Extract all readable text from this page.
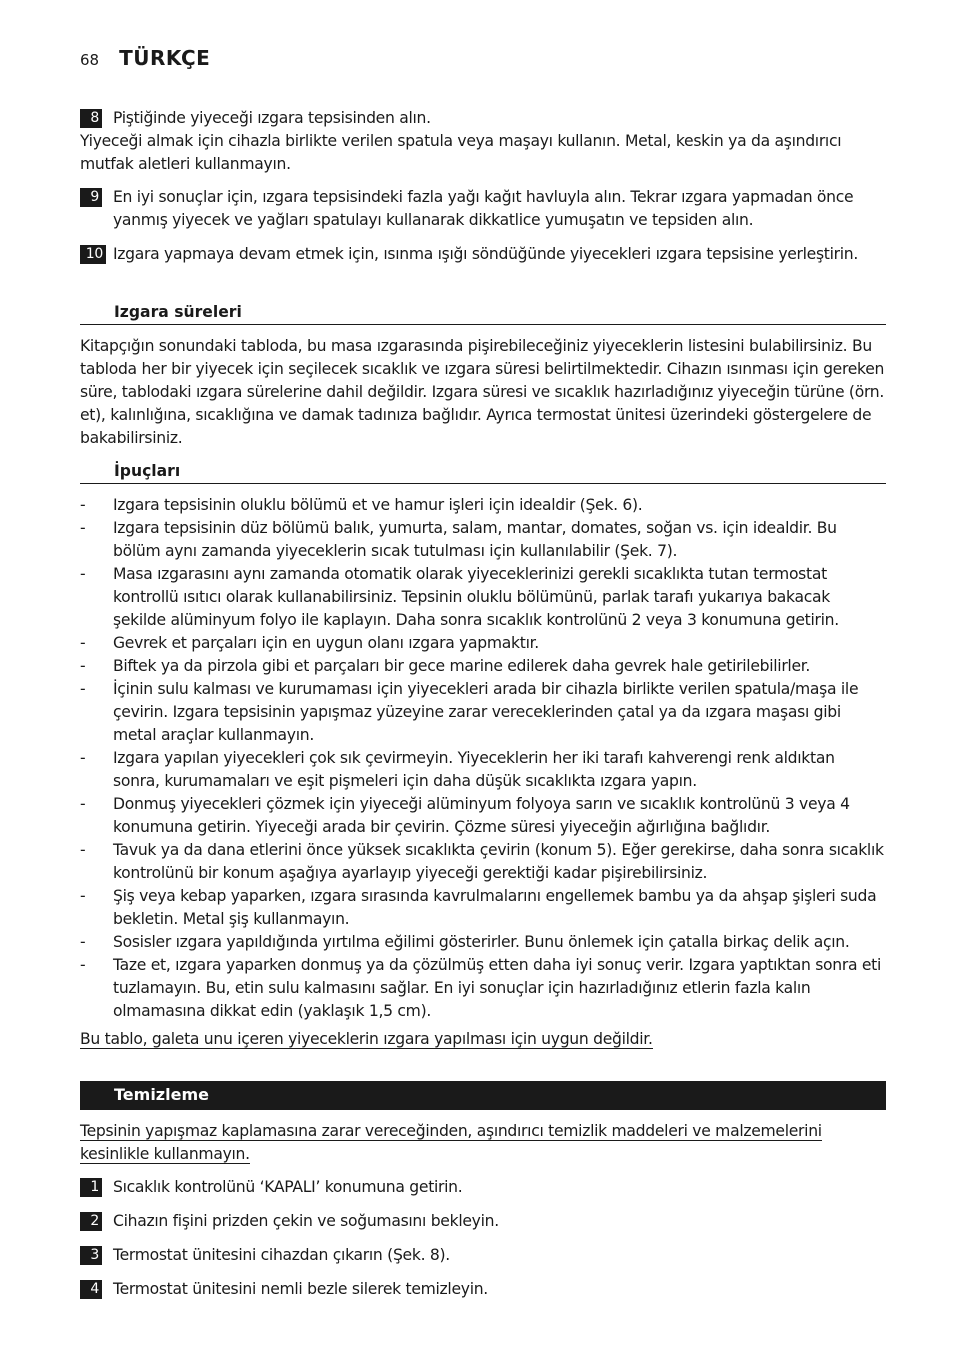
68 TÜRKÇE
8 Piştiğinde yiyeceği ızgara tepsisinden alın.
Yiyeceği almak için cihazla birlikte verilen spatula veya maşayı kullanın. Metal, keskin ya da aşındırıcı mutfak aletleri kullanmayın.
9 En iyi sonuçlar için, ızgara tepsisindeki fazla yağı kağıt havluyla alın. Tekrar ızgara yapmadan önce yanmış yiyecek ve yağları spatulayı kullanarak dikkatlice yumuşatın ve tepsiden alın.
10 Izgara yapmaya devam etmek için, ısınma ışığı söndüğünde yiyecekleri ızgara tepsisine yerleştirin.
Izgara süreleri
Kitapçığın sonundaki tabloda, bu masa ızgarasında pişirebileceğiniz yiyeceklerin listesini bulabilirsiniz. Bu tabloda her bir yiyecek için seçilecek sıcaklık ve ızgara süresi belirtilmektedir. Cihazın ısınması için gereken süre, tablodaki ızgara sürelerine dahil değildir. Izgara süresi ve sıcaklık hazırladığınız yiyeceğin türüne (örn. et), kalınlığına, sıcaklığına ve damak tadınıza bağlıdır. Ayrıca termostat ünitesi üzerindeki göstergelere de bakabilirsiniz.
İpuçları
-	Izgara tepsisinin oluklu bölümü et ve hamur işleri için idealdir (Şek. 6).
-	Izgara tepsisinin düz bölümü balık, yumurta, salam, mantar, domates, soğan vs. için idealdir. Bu bölüm aynı zamanda yiyeceklerin sıcak tutulması için kullanılabilir (Şek. 7).
-	Masa ızgarasını aynı zamanda otomatik olarak yiyeceklerinizi gerekli sıcaklıkta tutan termostat kontrollü ısıtıcı olarak kullanabilirsiniz. Tepsinin oluklu bölümünü, parlak tarafı yukarıya bakacak şekilde alüminyum folyo ile kaplayın. Daha sonra sıcaklık kontrolünü 2 veya 3 konumuna getirin.
-	Gevrek et parçaları için en uygun olanı ızgara yapmaktır.
-	Biftek ya da pirzola gibi et parçaları bir gece marine edilerek daha gevrek hale getirilebilirler.
-	İçinin sulu kalması ve kurumaması için yiyecekleri arada bir cihazla birlikte verilen spatula/maşa ile çevirin. Izgara tepsisinin yapışmaz yüzeyine zarar vereceklerinden çatal ya da ızgara maşası gibi metal araçlar kullanmayın.
-	Izgara yapılan yiyecekleri çok sık çevirmeyin. Yiyeceklerin her iki tarafı kahverengi renk aldıktan sonra, kurumamaları ve eşit pişmeleri için daha düşük sıcaklıkta ızgara yapın.
-	Donmuş yiyecekleri çözmek için yiyeceği alüminyum folyoya sarın ve sıcaklık kontrolünü 3 veya 4 konumuna getirin. Yiyeceği arada bir çevirin. Çözme süresi yiyeceğin ağırlığına bağlıdır.
-	Tavuk ya da dana etlerini önce yüksek sıcaklıkta çevirin (konum 5). Eğer gerekirse, daha sonra sıcaklık kontrolünü bir konum aşağıya ayarlayıp yiyeceği gerektiği kadar pişirebilirsiniz.
-	Şiş veya kebap yaparken, ızgara sırasında kavrulmalarını engellemek bambu ya da ahşap şişleri suda bekletin. Metal şiş kullanmayın.
-	Sosisler ızgara yapıldığında yırtılma eğilimi gösterirler. Bunu önlemek için çatalla birkaç delik açın.
-	Taze et, ızgara yaparken donmuş ya da çözülmüş etten daha iyi sonuç verir. Izgara yaptıktan sonra eti tuzlamayın. Bu, etin sulu kalmasını sağlar. En iyi sonuçlar için hazırladığınız etlerin fazla kalın olmamasına dikkat edin (yaklaşık 1,5 cm).
Bu tablo, galeta unu içeren yiyeceklerin ızgara yapılması için uygun değildir.
Temizleme
Tepsinin yapışmaz kaplamasına zarar vereceğinden, aşındırıcı temizlik maddeleri ve malzemelerini kesinlikle kullanmayın.
1 Sıcaklık kontrolünü ‘KAPALI’ konumuna getirin.
2 Cihazın fişini prizden çekin ve soğumasını bekleyin.
3 Termostat ünitesini cihazdan çıkarın (Şek. 8).
4 Termostat ünitesini nemli bezle silerek temizleyin.
